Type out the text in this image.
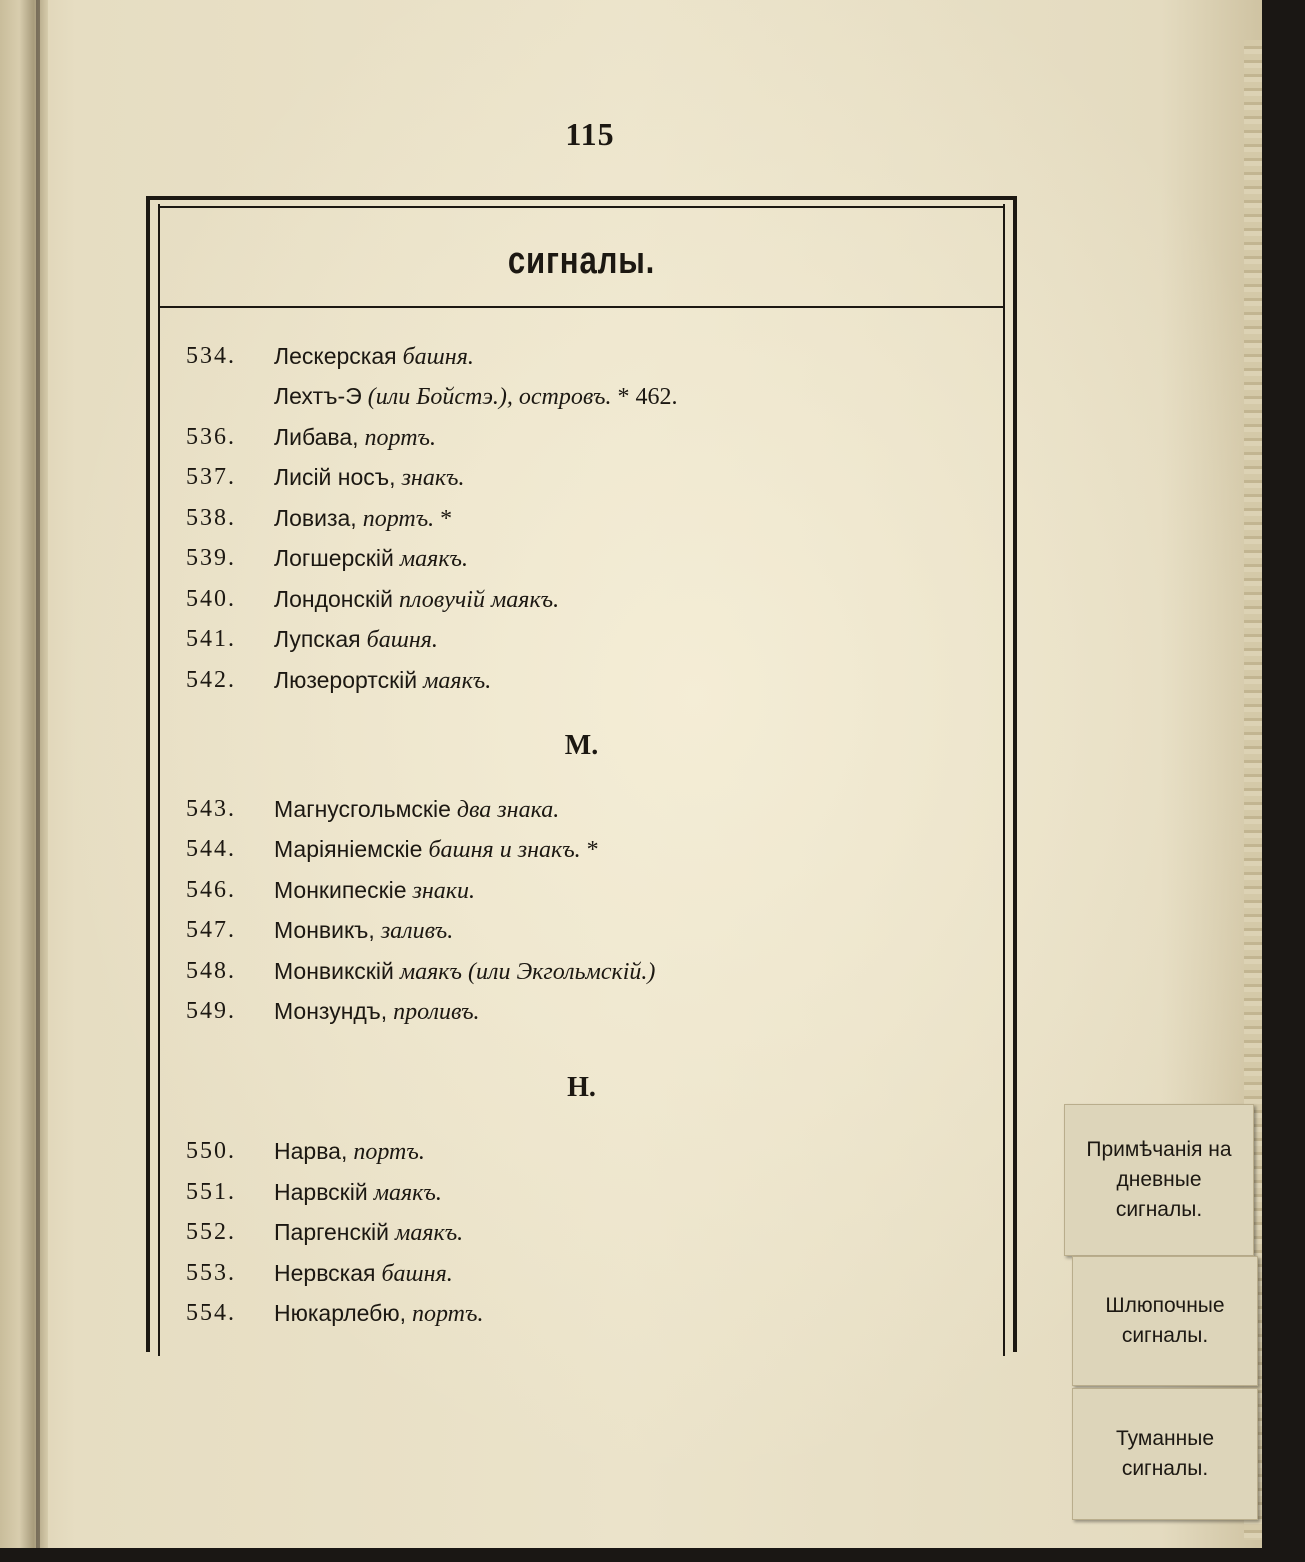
115
сигналы.
534.	Лескерская башня.
Лехтъ-Э (или Бойстэ.), островъ. * 462.
536.	Либава, портъ.
537.	Лисій носъ, знакъ.
538.	Ловиза, портъ. *
539.	Логшерскій маякъ.
540.	Лондонскій пловучій маякъ.
541.	Лупская башня.
542.	Люзерортскій маякъ.
М.
543.	Магнусгольмскіе два знака.
544.	Маріяніемскіе башня и знакъ. *
546.	Монкипескіе знаки.
547.	Монвикъ, заливъ.
548.	Монвикскій маякъ (или Экгольмскій.)
549.	Монзундъ, проливъ.
Н.
550.	Нарва, портъ.
551.	Нарвскій маякъ.
552.	Паргенскій маякъ.
553.	Нервская башня.
554.	Нюкарлебю, портъ.
Примѣчанія на
дневные
сигналы.
Шлюпочные
сигналы.
Туманные
сигналы.
